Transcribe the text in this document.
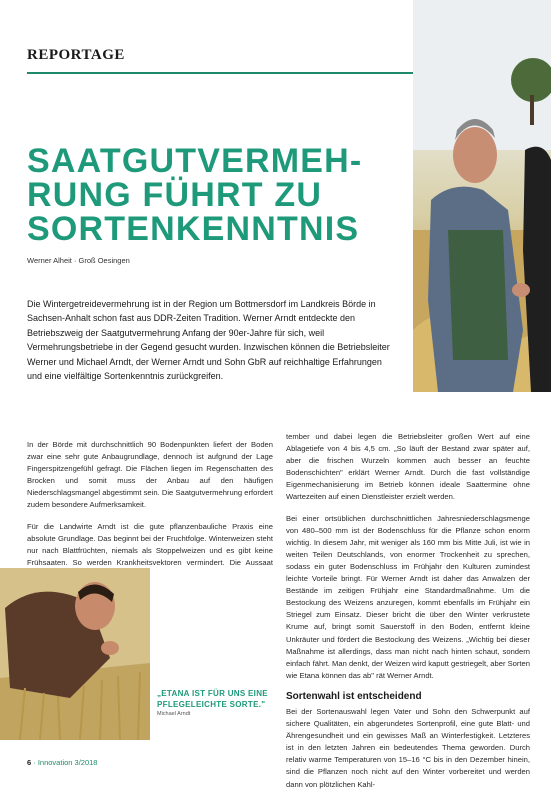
REPORTAGE
SAATGUTVERMEH-
RUNG FÜHRT ZU
SORTENKENNTNIS
Werner Alheit · Groß Oesingen
Die Wintergetreidevermehrung ist in der Region um Bottmersdorf im Landkreis Börde in Sachsen-Anhalt schon fast aus DDR-Zeiten Tradition. Werner Arndt entdeckte den Betriebszweig der Saatgutvermehrung Anfang der 90er-Jahre für sich, weil Vermehrungsbetriebe in der Gegend gesucht wurden. Inzwischen können die Betriebsleiter Werner und Michael Arndt, der Werner Arndt und Sohn GbR auf reichhaltige Erfahrungen und eine vielfältige Sortenkenntnis zurückgreifen.

In der Börde mit durchschnittlich 90 Bodenpunkten liefert der Boden zwar eine sehr gute Anbaugrundlage, dennoch ist aufgrund der Lage Fingerspitzengefühl gefragt. Die Flächen liegen im Regenschatten des Brocken und somit muss der Anbau auf den häufigen Niederschlagsmangel abgestimmt sein. Die Saatgutvermehrung erfordert zudem besondere Aufmerksamkeit.

Für die Landwirte Arndt ist die gute pflanzenbauliche Praxis eine absolute Grundlage. Das beginnt bei der Fruchtfolge. Winterweizen steht nur nach Blattfrüchten, niemals als Stoppelweizen und es gibt keine Frühsaaten. So werden Krankheitsvektoren vermindert. Die Aussaat

tember und dabei legen die Betriebsleiter großen Wert auf eine Ablagetiefe von 4 bis 4,5 cm. „So läuft der Bestand zwar später auf, aber die frischen Wurzeln kommen auch besser an feuchte Bodenschichten" erklärt Werner Arndt. Durch die fast vollständige Eigenmechanisierung im Betrieb können ideale Saattermine ohne Wartezeiten auf einen Dienstleister erzielt werden.

Bei einer ortsüblichen durchschnittlichen Jahresniederschlagsmenge von 480–500 mm ist der Bodenschluss für die Pflanze schon enorm wichtig. In diesem Jahr, mit weniger als 160 mm bis Mitte Juli, ist wie in weiten Teilen Deutschlands, von enormer Trockenheit zu sprechen, sodass ein guter Bodenschluss im Frühjahr den Kulturen zumindest leichte Vorteile bringt. Für Werner Arndt ist daher das Anwalzen der Bestände im zeitigen Frühjahr eine Standardmaßnahme. Um die Bestockung des Weizens anzuregen, kommt ebenfalls im Frühjahr ein Striegel zum Einsatz. Dieser bricht die über den Winter verkrustete Krume auf, bringt somit Sauerstoff in den Boden, entfernt kleine Unkräuter und fördert die Bestockung des Weizens. „Wichtig bei dieser Maßnahme ist allerdings, dass man nicht nach hinten schaut, sondern einfach fährt. Man denkt, der Weizen wird kaputt gestriegelt, aber Sorten wie Etana können das ab" rät Werner Arndt.

Sortenwahl ist entscheidend

Bei der Sortenauswahl legen Vater und Sohn den Schwerpunkt auf sichere Qualitäten, ein abgerundetes Sortenprofil, eine gute Blatt- und Ährengesundheit und ein gewisses Maß an Winterfestigkeit. Letzteres ist in den letzten Jahren ein bedeutendes Thema geworden. Durch relativ warme Temperaturen von 15–16 °C bis in den Dezember hinein, sind die Pflanzen noch nicht auf den Winter vorbereitet und werden dann von plötzlichen Kahl-

„ETANA IST FÜR UNS EINE PFLEGELEICHTE SORTE."
Michael Arndt
6 · Innovation 3/2018
